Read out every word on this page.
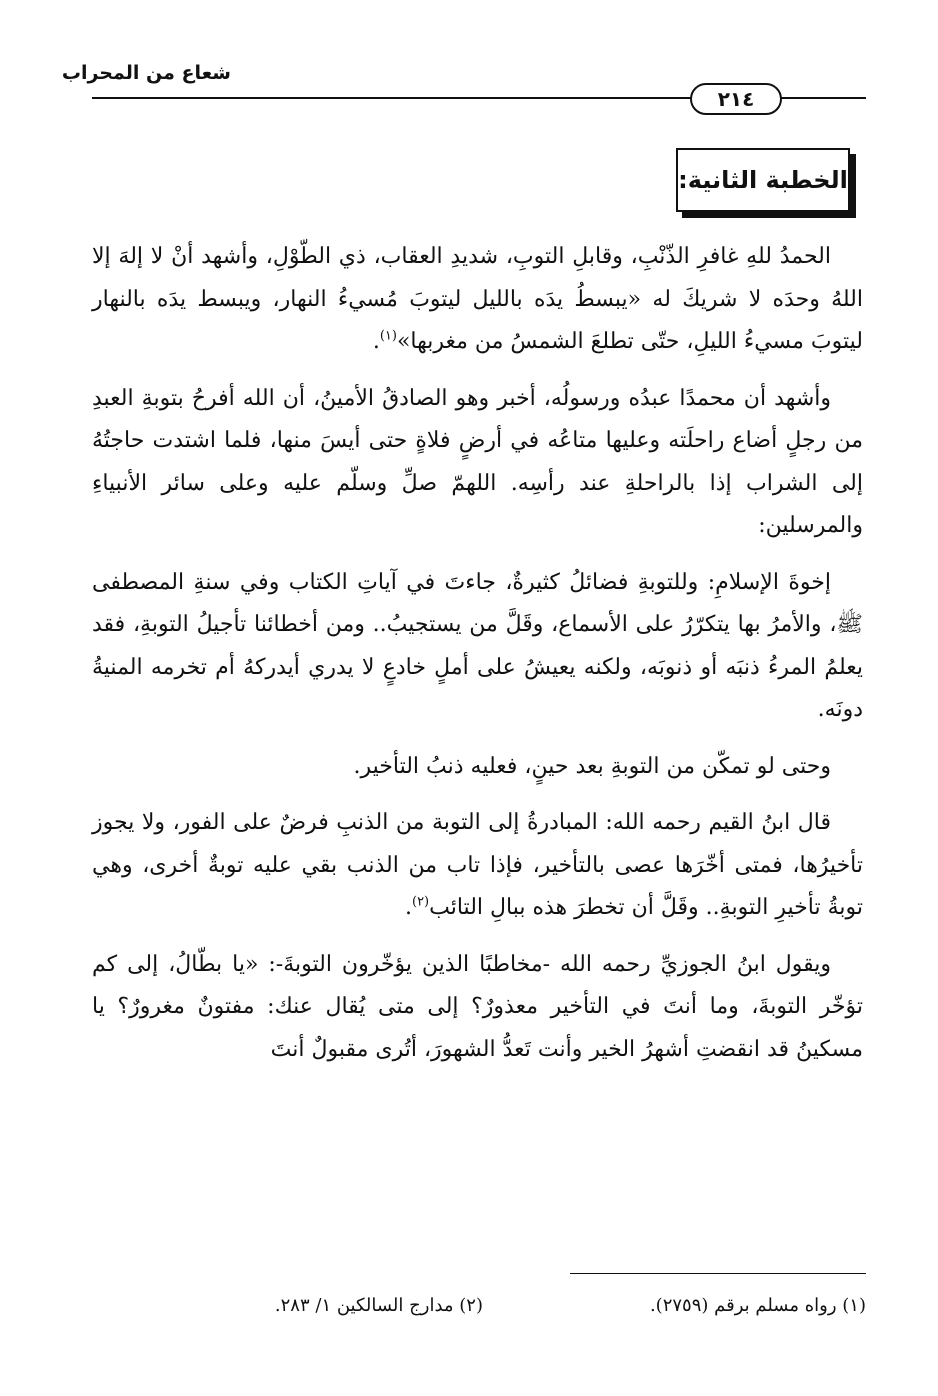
شعاع من المحراب
٢١٤
الخطبة الثانية:

الحمدُ للهِ غافرِ الذّنْبِ، وقابلِ التوبِ، شديدِ العقاب، ذي الطّوْلِ، وأشهد أنْ لا إلهَ إلا اللهُ وحدَه لا شريكَ له «يبسطُ يدَه بالليل ليتوبَ مُسيءُ النهار، ويبسط يدَه بالنهار ليتوبَ مسيءُ الليلِ، حتّى تطلعَ الشمسُ من مغربها»$^{(١)}$.

وأشهد أن محمدًا عبدُه ورسولُه، أخبر وهو الصادقُ الأمينُ، أن الله أفرحُ بتوبةِ العبدِ من رجلٍ أضاع راحلَته وعليها متاعُه في أرضٍ فلاةٍ حتى أيسَ منها، فلما اشتدت حاجتُهُ إلى الشراب إذا بالراحلةِ عند رأسِه. اللهمّ صلِّ وسلّم عليه وعلى سائر الأنبياءِ والمرسلين:

إخوةَ الإسلامِ: وللتوبةِ فضائلُ كثيرةٌ، جاءتَ في آياتِ الكتاب وفي سنةِ المصطفى ﷺ، والأمرُ بها يتكرّرُ على الأسماع، وقَلَّ من يستجيبُ.. ومن أخطائنا تأجيلُ التوبةِ، فقد يعلمُ المرءُ ذنبَه أو ذنوبَه، ولكنه يعيشُ على أملٍ خادعٍ لا يدري أيدركهُ أم تخرمه المنيةُ دونَه.

وحتى لو تمكّن من التوبةِ بعد حينٍ، فعليه ذنبُ التأخير.

قال ابنُ القيم رحمه الله: المبادرةُ إلى التوبة من الذنبِ فرضٌ على الفور، ولا يجوز تأخيرُها، فمتى أخّرَها عصى بالتأخير، فإذا تاب من الذنب بقي عليه توبةٌ أخرى، وهي توبةُ تأخيرِ التوبةِ.. وقَلَّ أن تخطرَ هذه ببالِ التائب$^{(٢)}$.

ويقول ابنُ الجوزيِّ رحمه الله -مخاطبًا الذين يؤخّرون التوبةَ-: «يا بطّالُ، إلى كم تؤخّر التوبةَ، وما أنتَ في التأخير معذورٌ؟ إلى متى يُقال عنك: مفتونٌ مغرورٌ؟ يا مسكينُ قد انقضتِ أشهرُ الخير وأنت تَعدُّ الشهورَ، أتُرى مقبولٌ أنتَ

(١) رواه مسلم برقم (٢٧٥٩).
(٢) مدارج السالكين ١/ ٢٨٣.
